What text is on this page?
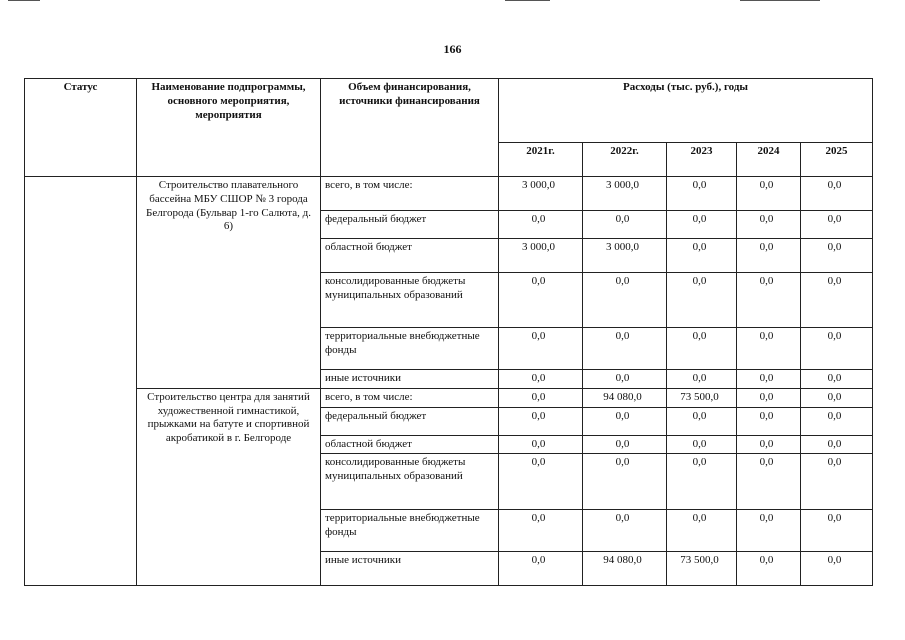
166
Статус	Наименование подпрограммы, основного мероприятия, мероприятия	Объем финансирования, источники финансирования	Расходы (тыс. руб.), годы				
			2021г.	2022г.	2023	2024	2025
	Строительство плавательного бассейна МБУ СШОР № 3 города Белгорода (Бульвар 1-го Салюта, д. 6)	всего, в том числе:	3 000,0	3 000,0	0,0	0,0	0,0
		федеральный бюджет	0,0	0,0	0,0	0,0	0,0
		областной бюджет	3 000,0	3 000,0	0,0	0,0	0,0
		консолидированные бюджеты муниципальных образований	0,0	0,0	0,0	0,0	0,0
		территориальные внебюджетные фонды	0,0	0,0	0,0	0,0	0,0
		иные источники	0,0	0,0	0,0	0,0	0,0
	Строительство центра для занятий художественной гимнастикой, прыжками на батуте и спортивной акробатикой в г. Белгороде	всего, в том числе:	0,0	94 080,0	73 500,0	0,0	0,0
		федеральный бюджет	0,0	0,0	0,0	0,0	0,0
		областной бюджет	0,0	0,0	0,0	0,0	0,0
		консолидированные бюджеты муниципальных образований	0,0	0,0	0,0	0,0	0,0
		территориальные внебюджетные фонды	0,0	0,0	0,0	0,0	0,0
		иные источники	0,0	94 080,0	73 500,0	0,0	0,0
